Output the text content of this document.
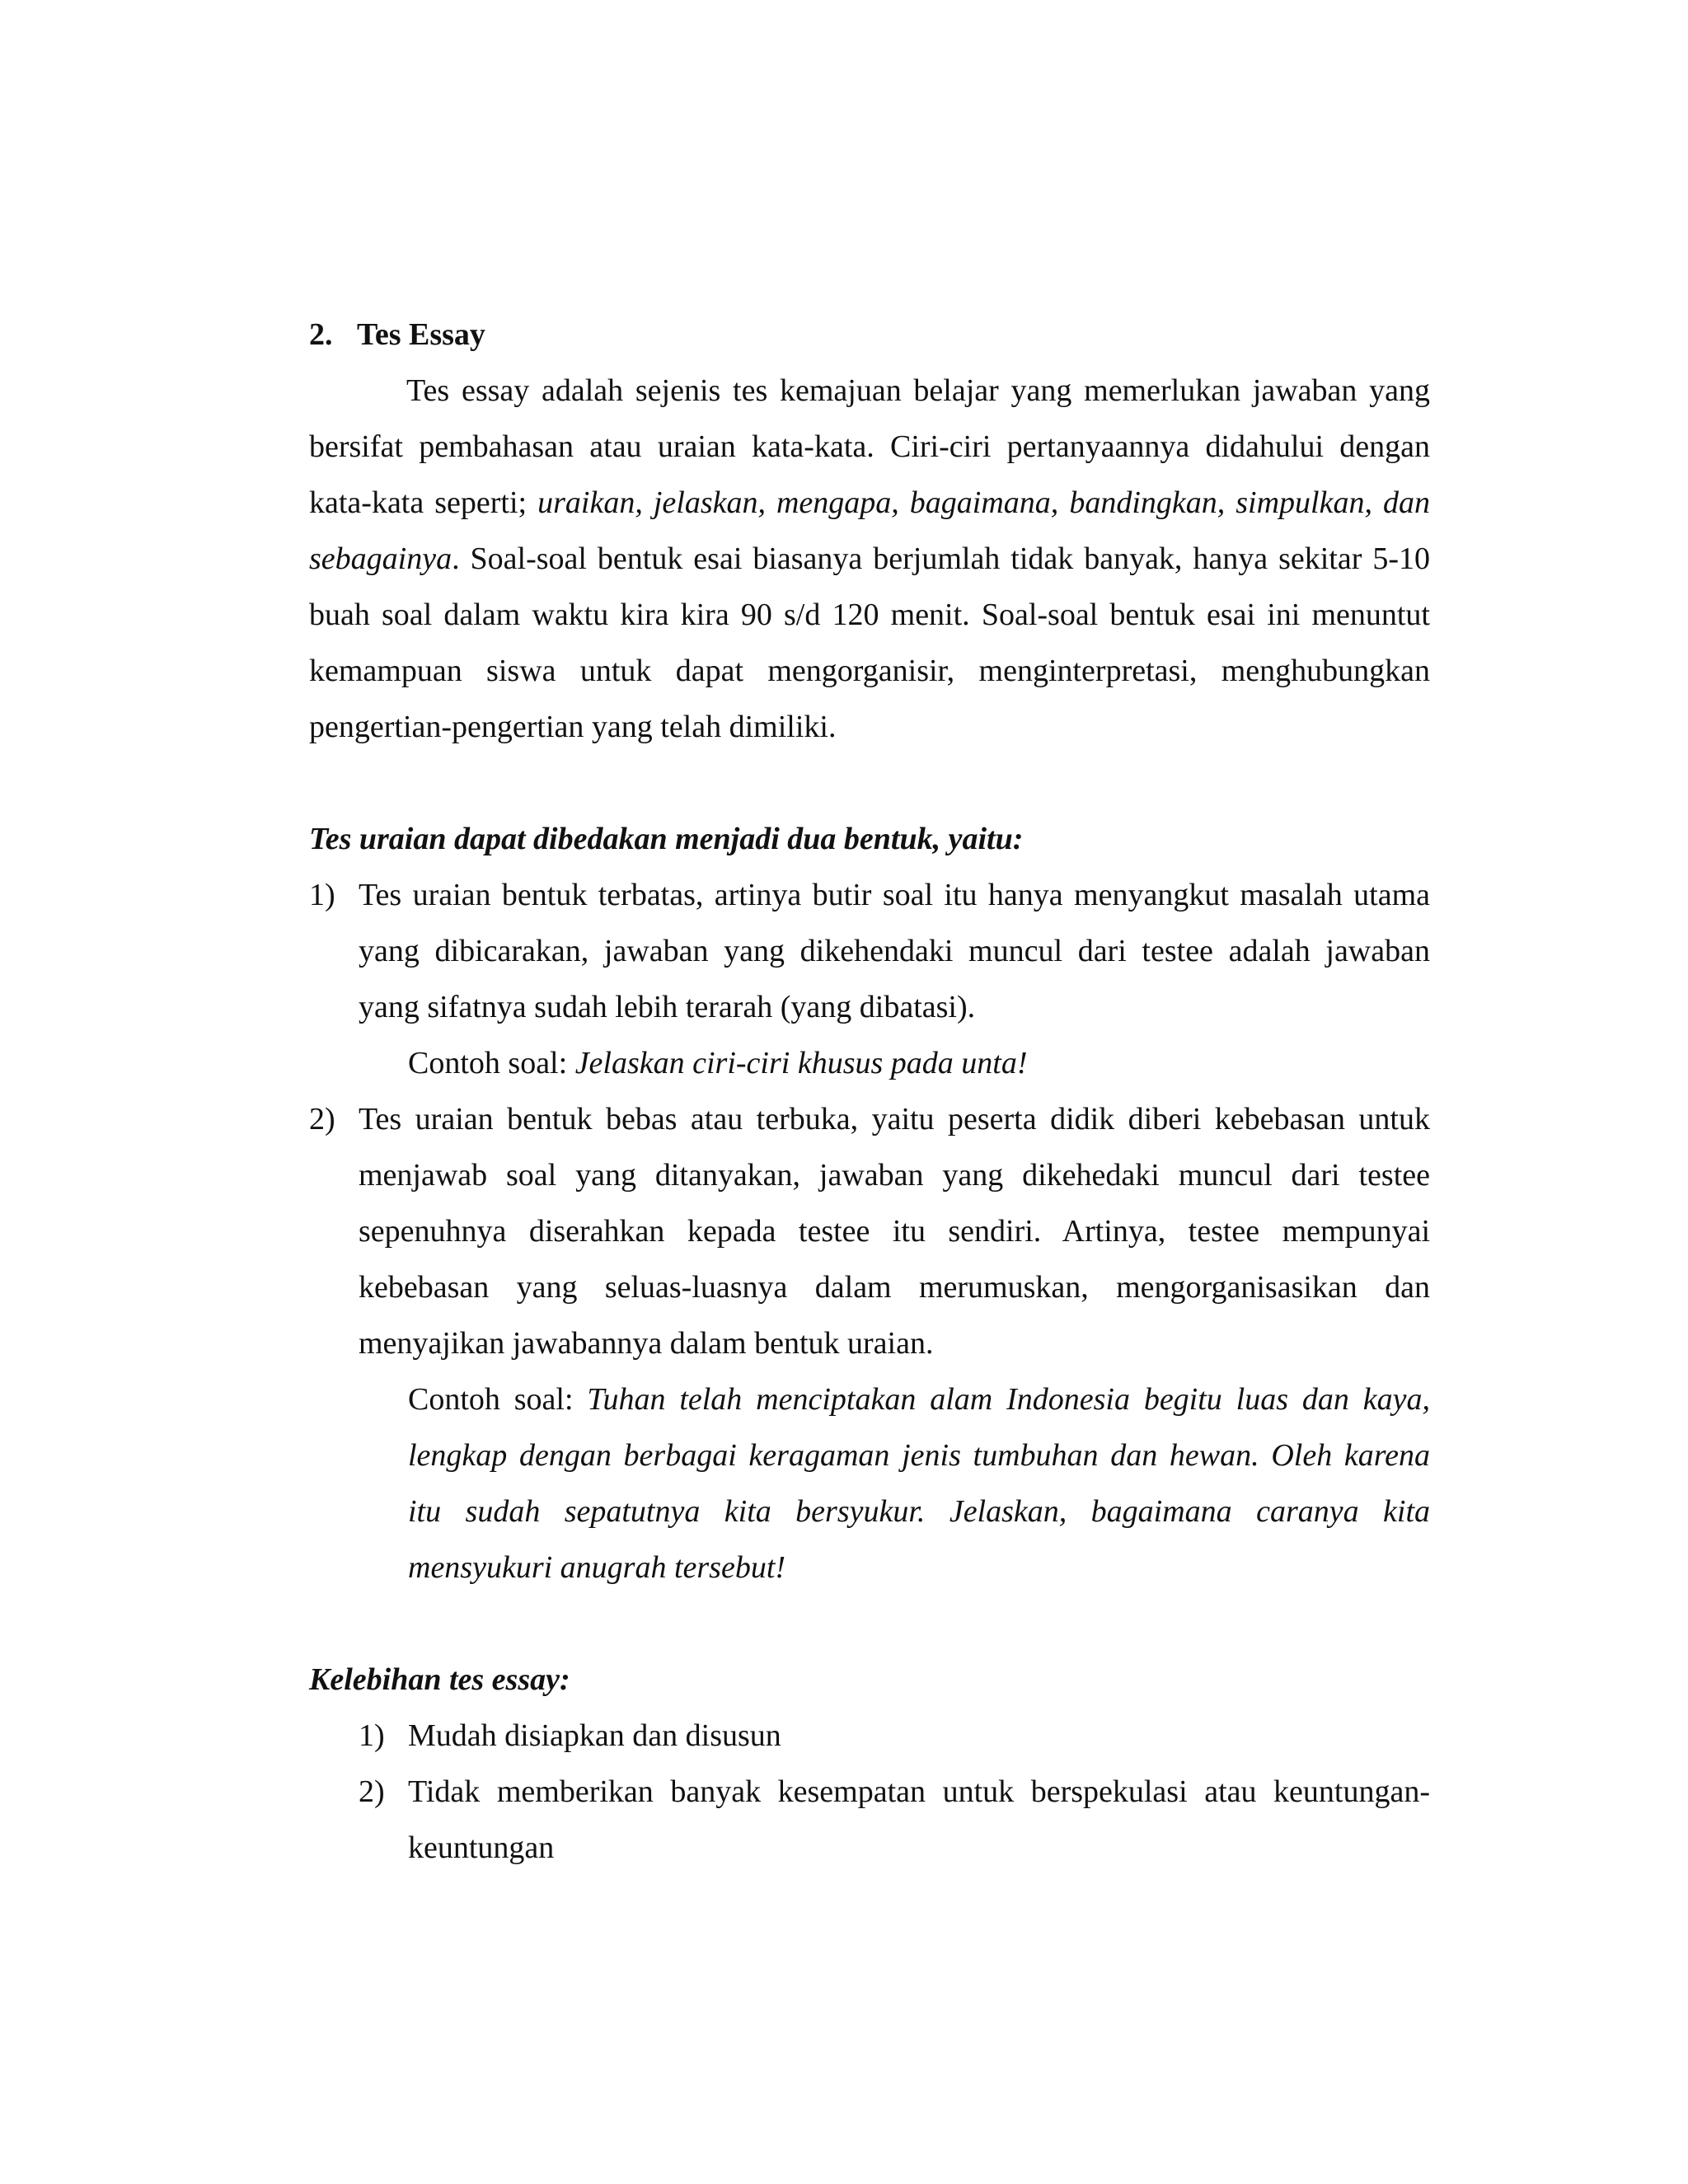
2. Tes Essay

Tes essay adalah sejenis tes kemajuan belajar yang memerlukan jawaban yang bersifat pembahasan atau uraian kata-kata. Ciri-ciri pertanyaannya didahului dengan kata-kata seperti; uraikan, jelaskan, mengapa, bagaimana, bandingkan, simpulkan, dan sebagainya. Soal-soal bentuk esai biasanya berjumlah tidak banyak, hanya sekitar 5-10 buah soal dalam waktu kira kira 90 s/d 120 menit. Soal-soal bentuk esai ini menuntut kemampuan siswa untuk dapat mengorganisir, menginterpretasi, menghubungkan pengertian-pengertian yang telah dimiliki.

Tes uraian dapat dibedakan menjadi dua bentuk, yaitu:

1) Tes uraian bentuk terbatas, artinya butir soal itu hanya menyangkut masalah utama yang dibicarakan, jawaban yang dikehendaki muncul dari testee adalah jawaban yang sifatnya sudah lebih terarah (yang dibatasi).

Contoh soal: Jelaskan ciri-ciri khusus pada unta!

2) Tes uraian bentuk bebas atau terbuka, yaitu peserta didik diberi kebebasan untuk menjawab soal yang ditanyakan, jawaban yang dikehedaki muncul dari testee sepenuhnya diserahkan kepada testee itu sendiri. Artinya, testee mempunyai kebebasan yang seluas-luasnya dalam merumuskan, mengorganisasikan dan menyajikan jawabannya dalam bentuk uraian.

Contoh soal: Tuhan telah menciptakan alam Indonesia begitu luas dan kaya, lengkap dengan berbagai keragaman jenis tumbuhan dan hewan. Oleh karena itu sudah sepatutnya kita bersyukur. Jelaskan, bagaimana caranya kita mensyukuri anugrah tersebut!

Kelebihan tes essay:

1) Mudah disiapkan dan disusun

2) Tidak memberikan banyak kesempatan untuk berspekulasi atau keuntungan-keuntungan
